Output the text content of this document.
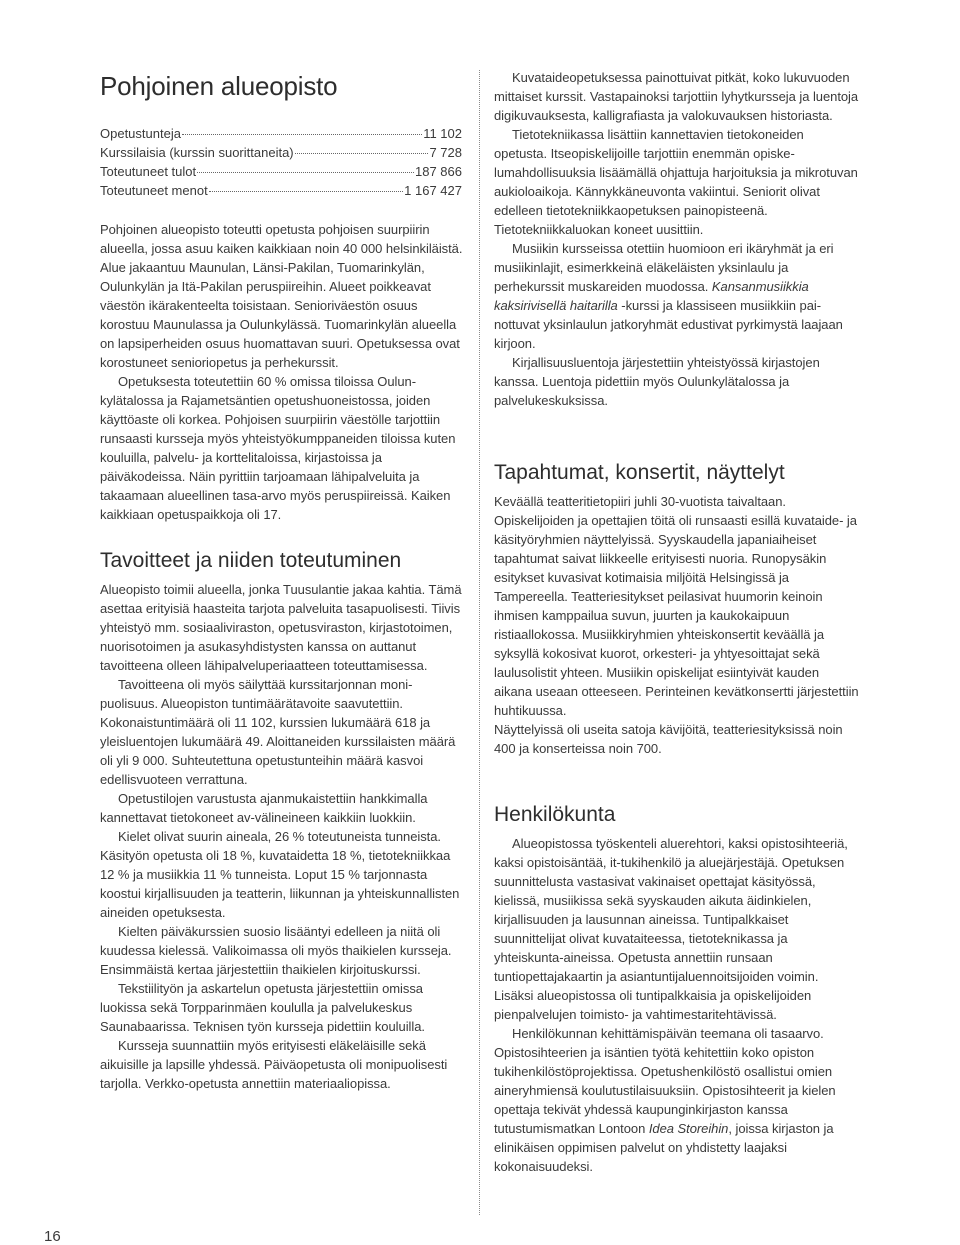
Pohjoinen alueopisto
Opetustunteja	11 102
Kurssilaisia (kurssin suorittaneita)	7 728
Toteutuneet tulot	187 866
Toteutuneet menot	1 167 427

Pohjoinen alueopisto toteutti opetusta pohjoisen suurpiirin alueella, jossa asuu kaiken kaikkiaan noin 40 000 helsinkiläistä. Alue jakaantuu Maunulan, Länsi-Pakilan, Tuomarinkylän, Oulunkylän ja Itä-Pakilan peruspiireihin. Alueet poikkeavat väestön ikärakenteelta toisistaan. Senioriväestön osuus korostuu Maunulassa ja Oulunkylässä. Tuomarinkylän alueella on lapsiperheiden osuus huomattavan suuri. Opetuksessa ovat korostuneet senioriopetus ja perhekurssit.

Opetuksesta toteutettiin 60 % omissa tiloissa Oulunkylätalossa ja Rajametsäntien opetushuoneistossa, joiden käyttöaste oli korkea. Pohjoisen suurpiirin väestölle tarjottiin runsaasti kursseja myös yhteistyökumppaneiden tiloissa kuten kouluilla, palvelu- ja korttelitaloissa, kirjastoissa ja päiväkodeissa. Näin pyrittiin tarjoamaan lähipalveluita ja takaamaan alueellinen tasa-arvo myös peruspiireissä. Kaiken kaikkiaan opetuspaikkoja oli 17.

Tavoitteet ja niiden toteutuminen

Alueopisto toimii alueella, jonka Tuusulantie jakaa kahtia. Tämä asettaa erityisiä haasteita tarjota palveluita tasapuolisesti. Tiivis yhteistyö mm. sosiaaliviraston, opetusviraston, kirjastotoimen, nuorisotoimen ja asukasyhdistysten kanssa on auttanut tavoitteena olleen lähipalveluperiaatteen toteuttamisessa.

Tavoitteena oli myös säilyttää kurssitarjonnan monipuolisuus. Alueopiston tuntimäärätavoite saavutettiin. Kokonaistuntimäärä oli 11 102, kurssien lukumäärä 618 ja yleisluentojen lukumäärä 49. Aloittaneiden kurssilaisten määrä oli yli 9 000. Suhteutettuna opetustunteihin määrä kasvoi edellisvuoteen verrattuna.

Opetustilojen varustusta ajanmukaistettiin hankkimalla kannettavat tietokoneet av-välineineen kaikkiin luokkiin.

Kielet olivat suurin aineala, 26 % toteutuneista tunneista. Käsityön opetusta oli 18 %, kuvataidetta 18 %, tietotekniikkaa 12 % ja musiikkia 11 % tunneista. Loput 15 % tarjonnasta koostui kirjallisuuden ja teatterin, liikunnan ja yhteiskunnallisten aineiden opetuksesta.

Kielten päiväkurssien suosio lisääntyi edelleen ja niitä oli kuudessa kielessä. Valikoimassa oli myös thaikielen kursseja. Ensimmäistä kertaa järjestettiin thaikielen kirjoituskurssi.

Tekstiilityön ja askartelun opetusta järjestettiin omissa luokissa sekä Torpparinmäen koululla ja palvelukeskus Saunabaarissa. Teknisen työn kursseja pidettiin kouluilla.

Kursseja suunnattiin myös erityisesti eläkeläisille sekä aikuisille ja lapsille yhdessä. Päiväopetusta oli monipuolisesti tarjolla. Verkko-opetusta annettiin materiaaliopissa.

Kuvataideopetuksessa painottuivat pitkät, koko lukuvuoden mittaiset kurssit. Vastapainoksi tarjottiin lyhytkursseja ja luentoja digikuvauksesta, kalligrafiasta ja valokuvauksen historiasta.

Tietotekniikassa lisättiin kannettavien tietokoneiden opetusta. Itseopiskelijoille tarjottiin enemmän opiskelumahdollisuuksia lisäämällä ohjattuja harjoituksia ja mikrotuvan aukioloaikoja. Kännykkäneuvonta vakiintui. Seniorit olivat edelleen tietotekniikkaopetuksen painopisteenä. Tietotekniikkaluokan koneet uusittiin.

Musiikin kursseissa otettiin huomioon eri ikäryhmät ja eri musiikinlajit, esimerkkeinä eläkeläisten yksinlaulu ja perhekurssit muskareiden muodossa. Kansanmusiikkia kaksirivisellä haitarilla -kurssi ja klassiseen musiikkiin painottuvat yksinlaulun jatkoryhmät edustivat pyrkimystä laajaan kirjoon.

Kirjallisuusluentoja järjestettiin yhteistyössä kirjastojen kanssa. Luentoja pidettiin myös Oulunkylätalossa ja palvelukeskuksissa.

Tapahtumat, konsertit, näyttelyt

Keväällä teatteritietopiiri juhli 30-vuotista taivaltaan. Opiskelijoiden ja opettajien töitä oli runsaasti esillä kuvataide- ja käsityöryhmien näyttelyissä. Syyskaudella japaniaiheiset tapahtumat saivat liikkeelle erityisesti nuoria. Runopysäkin esitykset kuvasivat kotimaisia miljöitä Helsingissä ja Tampereella. Teatteriesitykset peilasivat huumorin keinoin ihmisen kamppailua suvun, juurten ja kaukokaipuun ristiaallokossa. Musiikkiryhmien yhteiskonsertit keväällä ja syksyllä kokosivat kuorot, orkesteri- ja yhtyesoittajat sekä laulusolistit yhteen. Musiikin opiskelijat esiintyivät kauden aikana useaan otteeseen. Perinteinen kevätkonsertti järjestettiin huhtikuussa.

Näyttelyissä oli useita satoja kävijöitä, teatteriesityksissä noin 400 ja konserteissa noin 700.

Henkilökunta

Alueopistossa työskenteli aluerehtori, kaksi opistosihteeriä, kaksi opistoisäntää, it-tukihenkilö ja aluejärjestäjä. Opetuksen suunnittelusta vastasivat vakinaiset opettajat käsityössä, kielissä, musiikissa sekä syyskauden aikuta äidinkielen, kirjallisuuden ja lausunnan aineissa. Tuntipalkkaiset suunnittelijat olivat kuvataiteessa, tietoteknikassa ja yhteiskunta-aineissa. Opetusta annettiin runsaan tuntiopettajakaartin ja asiantuntijaluennoitsijoiden voimin. Lisäksi alueopistossa oli tuntipalkkaisia ja opiskelijoiden pienpalvelujen toimisto- ja vahtimestaritehtävissä.

Henkilökunnan kehittämispäivän teemana oli tasaarvo. Opistosihteerien ja isäntien työtä kehitettiin koko opiston tukihenkilöstöprojektissa. Opetushenkilöstö osallistui omien aineryhmiensä koulutustilaisuuksiin. Opistosihteerit ja kielen opettaja tekivät yhdessä kaupunginkirjaston kanssa tutustumismatkan Lontoon Idea Storeihin, joissa kirjaston ja elinikäisen oppimisen palvelut on yhdistetty laajaksi kokonaisuudeksi.

16
